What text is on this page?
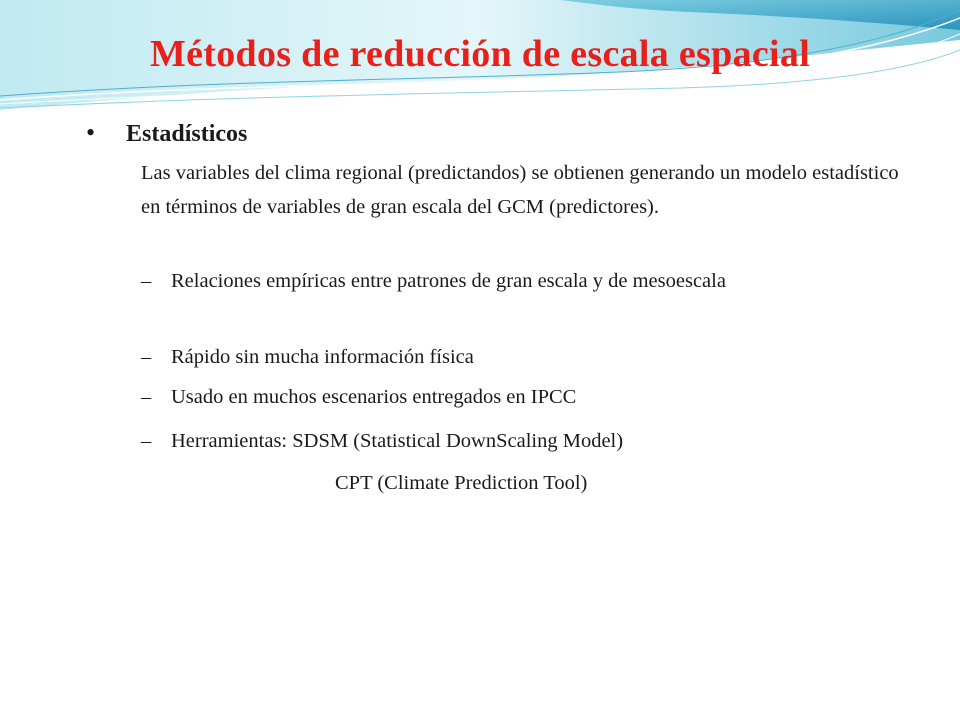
Métodos de reducción de escala espacial
•	Estadísticos

Las variables del clima regional (predictandos) se obtienen generando un modelo estadístico en términos de variables de gran escala del GCM (predictores).

– Relaciones empíricas entre patrones de gran escala y de mesoescala
– Rápido sin mucha información física
– Usado en muchos escenarios entregados en IPCC
– Herramientas: SDSM (Statistical DownScaling Model)
CPT (Climate Prediction Tool)
